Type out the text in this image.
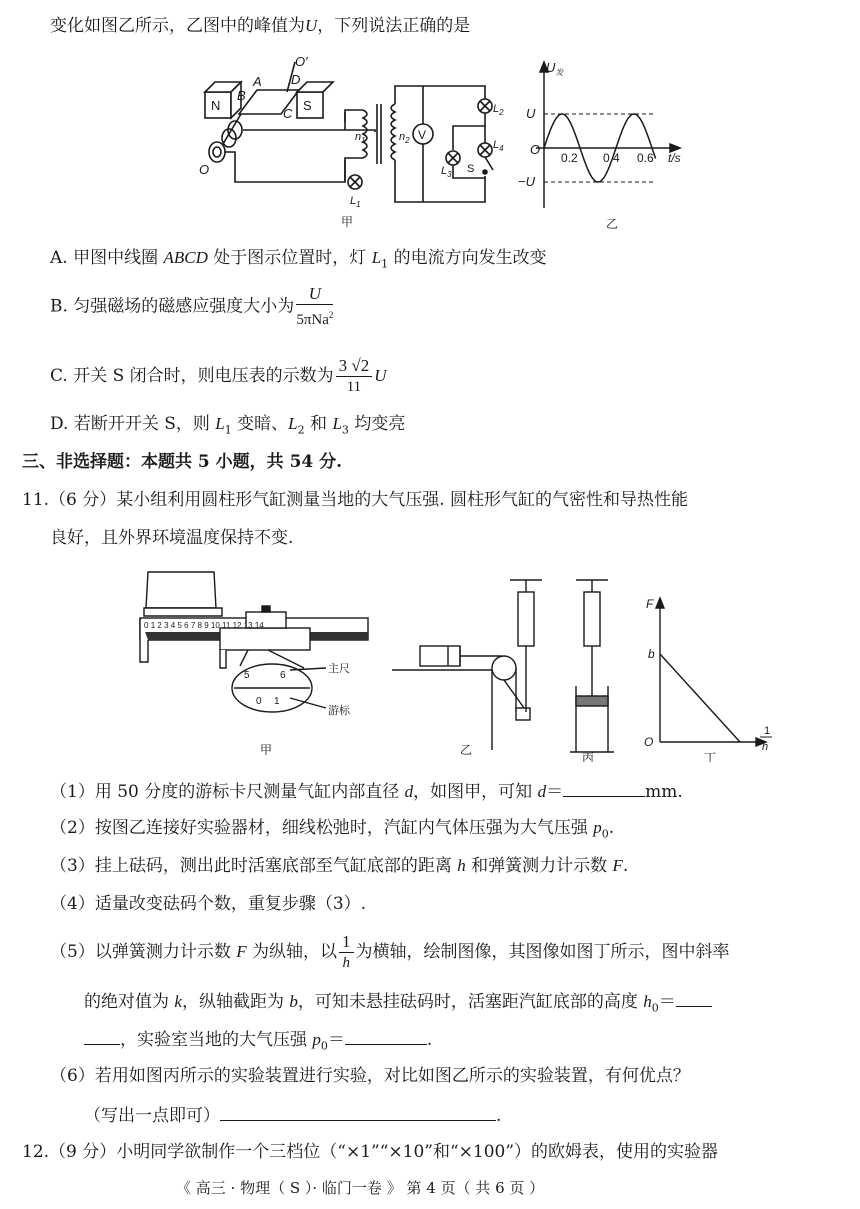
变化如图乙所示，乙图中的峰值为U，下列说法正确的是
N	S
A
B
C
D
O′
O
$n_1$	$n_2$ V
$L_1$
$L_2$
$L_3$
$L_4$
S
甲
$U_发$
U
−U
O
0.2 0.4 0.6 t/s
乙
A. 甲图中线圈 ABCD 处于图示位置时，灯 $L_1$ 的电流方向发生改变
B. 匀强磁场的磁感应强度大小为 $\frac{U}{5\pi Na^2}$
C. 开关 S 闭合时，则电压表的示数为 $\frac{3 √2}{11}$ U
D. 若断开开关 S，则 $L_1$ 变暗、$L_2$ 和 $L_3$ 均变亮
三、非选择题：本题共 5 小题，共 54 分.
11.（6 分）某小组利用圆柱形气缸测量当地的大气压强. 圆柱形气缸的气密性和导热性能
良好，且外界环境温度保持不变.
0 1 2 3 4 5 6 7 8 9 10 11 12 13 14
5	6
0 1
主尺
游标
甲	乙
丙	丁
F
b
O
1
h
（1）用 50 分度的游标卡尺测量气缸内部直径 d，如图甲，可知 d＝	mm.
（2）按图乙连接好实验器材，细线松弛时，汽缸内气体压强为大气压强 $p_0$.
（3）挂上砝码，测出此时活塞底部至气缸底部的距离 h 和弹簧测力计示数 F.
（4）适量改变砝码个数，重复步骤（3）.
（5）以弹簧测力计示数 F 为纵轴，以 $\frac{1}{h}$ 为横轴，绘制图像，其图像如图丁所示，图中斜率
的绝对值为 k，纵轴截距为 b，可知未悬挂砝码时，活塞距汽缸底部的高度 $h_0=$
，实验室当地的大气压强 $p_0=$	.
（6）若用如图丙所示的实验装置进行实验，对比如图乙所示的实验装置，有何优点？
（写出一点即可）	.
12.（9 分）小明同学欲制作一个三档位（“×1”“×10”和“×100”）的欧姆表，使用的实验器
《 高三 · 物理（ S ）· 临门一卷 》 第 4 页（ 共 6 页 ）
